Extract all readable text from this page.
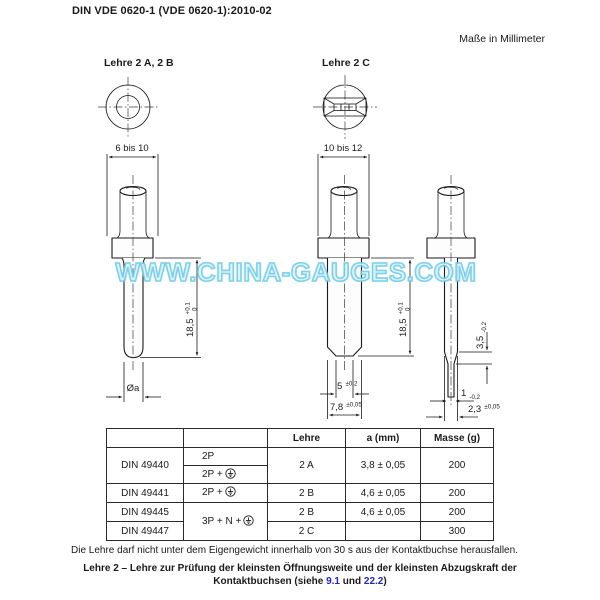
DIN VDE 0620-1 (VDE 0620-1):2010-02
Maße in Millimeter
Lehre 2 A, 2 B	Lehre 2 C
6 bis 10
18,5 $^{+0,1}$ 0
Øa
10 bis 12
18,5 $^{+0,1}$ 0
5 $^{\pm 0,2}$
7,8 $^{\pm 0,05}$
3,5 $_{-0,2}$
1 $_{-0,2}$
2,3 $^{\pm 0,05}$
WWW.CHINA-GAUGES.COM
		Lehre	a (mm)	Masse (g)
DIN 49440	2P	2 A	3,8 ± 0,05	200
	2P +			
DIN 49441	2P +	2 B	4,6 ± 0,05	200
DIN 49445	3P + N +	2 B	4,6 ± 0,05	200
DIN 49447		2 C		300
Die Lehre darf nicht unter dem Eigengewicht innerhalb von 30 s aus der Kontaktbuchse herausfallen.
Lehre 2 – Lehre zur Prüfung der kleinsten Öffnungsweite und der kleinsten Abzugskraft der
Kontaktbuchsen (siehe 9.1 und 22.2)
